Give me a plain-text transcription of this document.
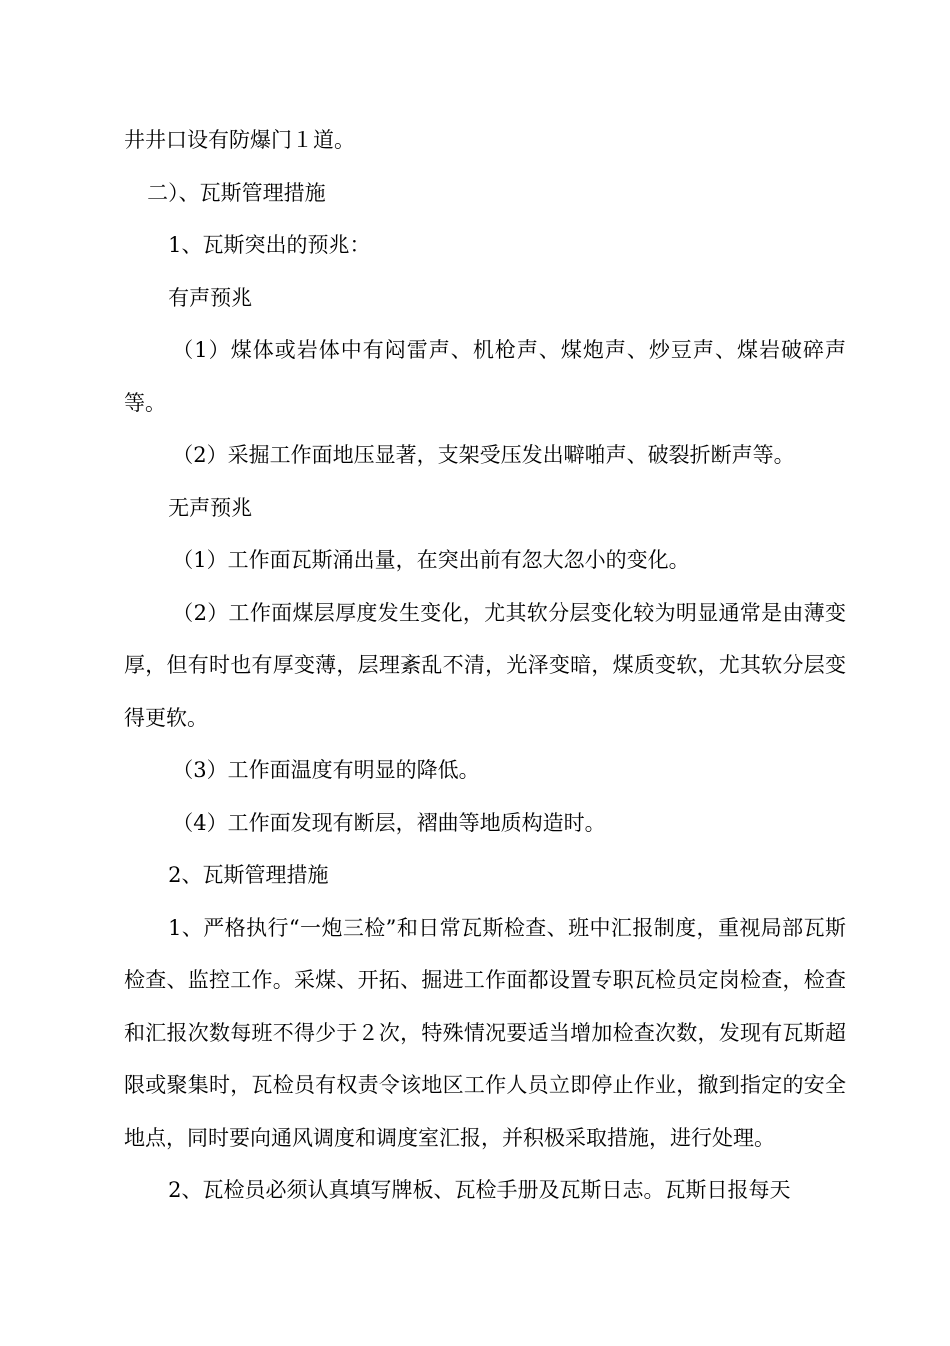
井井口设有防爆门１道。

二）、瓦斯管理措施

1、瓦斯突出的预兆：

有声预兆

（1）煤体或岩体中有闷雷声、机枪声、煤炮声、炒豆声、煤岩破碎声等。

（2）采掘工作面地压显著，支架受压发出噼啪声、破裂折断声等。

无声预兆

（1）工作面瓦斯涌出量，在突出前有忽大忽小的变化。

（2）工作面煤层厚度发生变化，尤其软分层变化较为明显通常是由薄变厚，但有时也有厚变薄，层理紊乱不清，光泽变暗，煤质变软，尤其软分层变得更软。

（3）工作面温度有明显的降低。

（4）工作面发现有断层，褶曲等地质构造时。

2、瓦斯管理措施

1、严格执行“一炮三检”和日常瓦斯检查、班中汇报制度，重视局部瓦斯检查、监控工作。采煤、开拓、掘进工作面都设置专职瓦检员定岗检查，检查和汇报次数每班不得少于２次，特殊情况要适当增加检查次数，发现有瓦斯超限或聚集时，瓦检员有权责令该地区工作人员立即停止作业，撤到指定的安全地点，同时要向通风调度和调度室汇报，并积极采取措施，进行处理。

2、瓦检员必须认真填写牌板、瓦检手册及瓦斯日志。瓦斯日报每天
